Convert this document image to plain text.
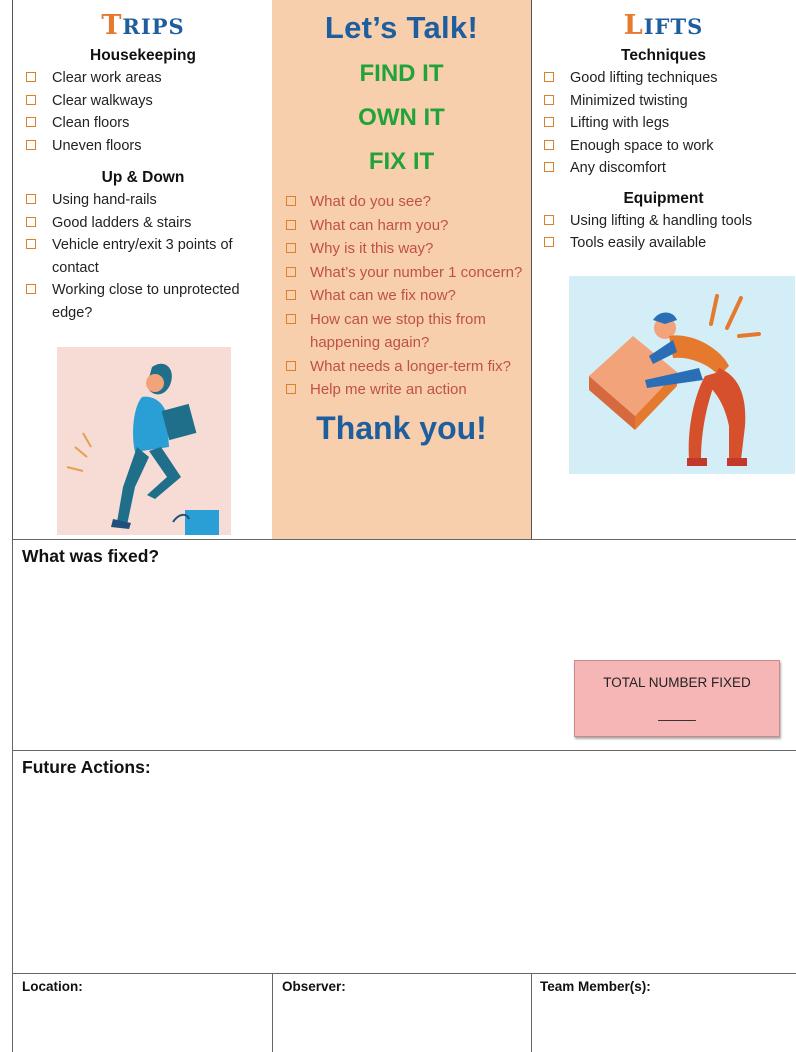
TRIPS
Housekeeping
Clear work areas
Clear walkways
Clean floors
Uneven floors
Up & Down
Using hand-rails
Good ladders & stairs
Vehicle entry/exit 3 points of contact
Working close to unprotected edge?
Let’s Talk!
FIND IT
OWN IT
FIX IT
What do you see?
What can harm you?
Why is it this way?
What’s your number 1 concern?
What can we fix now?
How can we stop this from happening again?
What needs a longer-term fix?
Help me write an action
Thank you!
LIFTS
Techniques
Good lifting techniques
Minimized twisting
Lifting with legs
Enough space to work
Any discomfort
Equipment
Using lifting & handling tools
Tools easily available
What was fixed?
TOTAL NUMBER FIXED
_____
Future Actions:
Location:	Observer:	Team Member(s):
